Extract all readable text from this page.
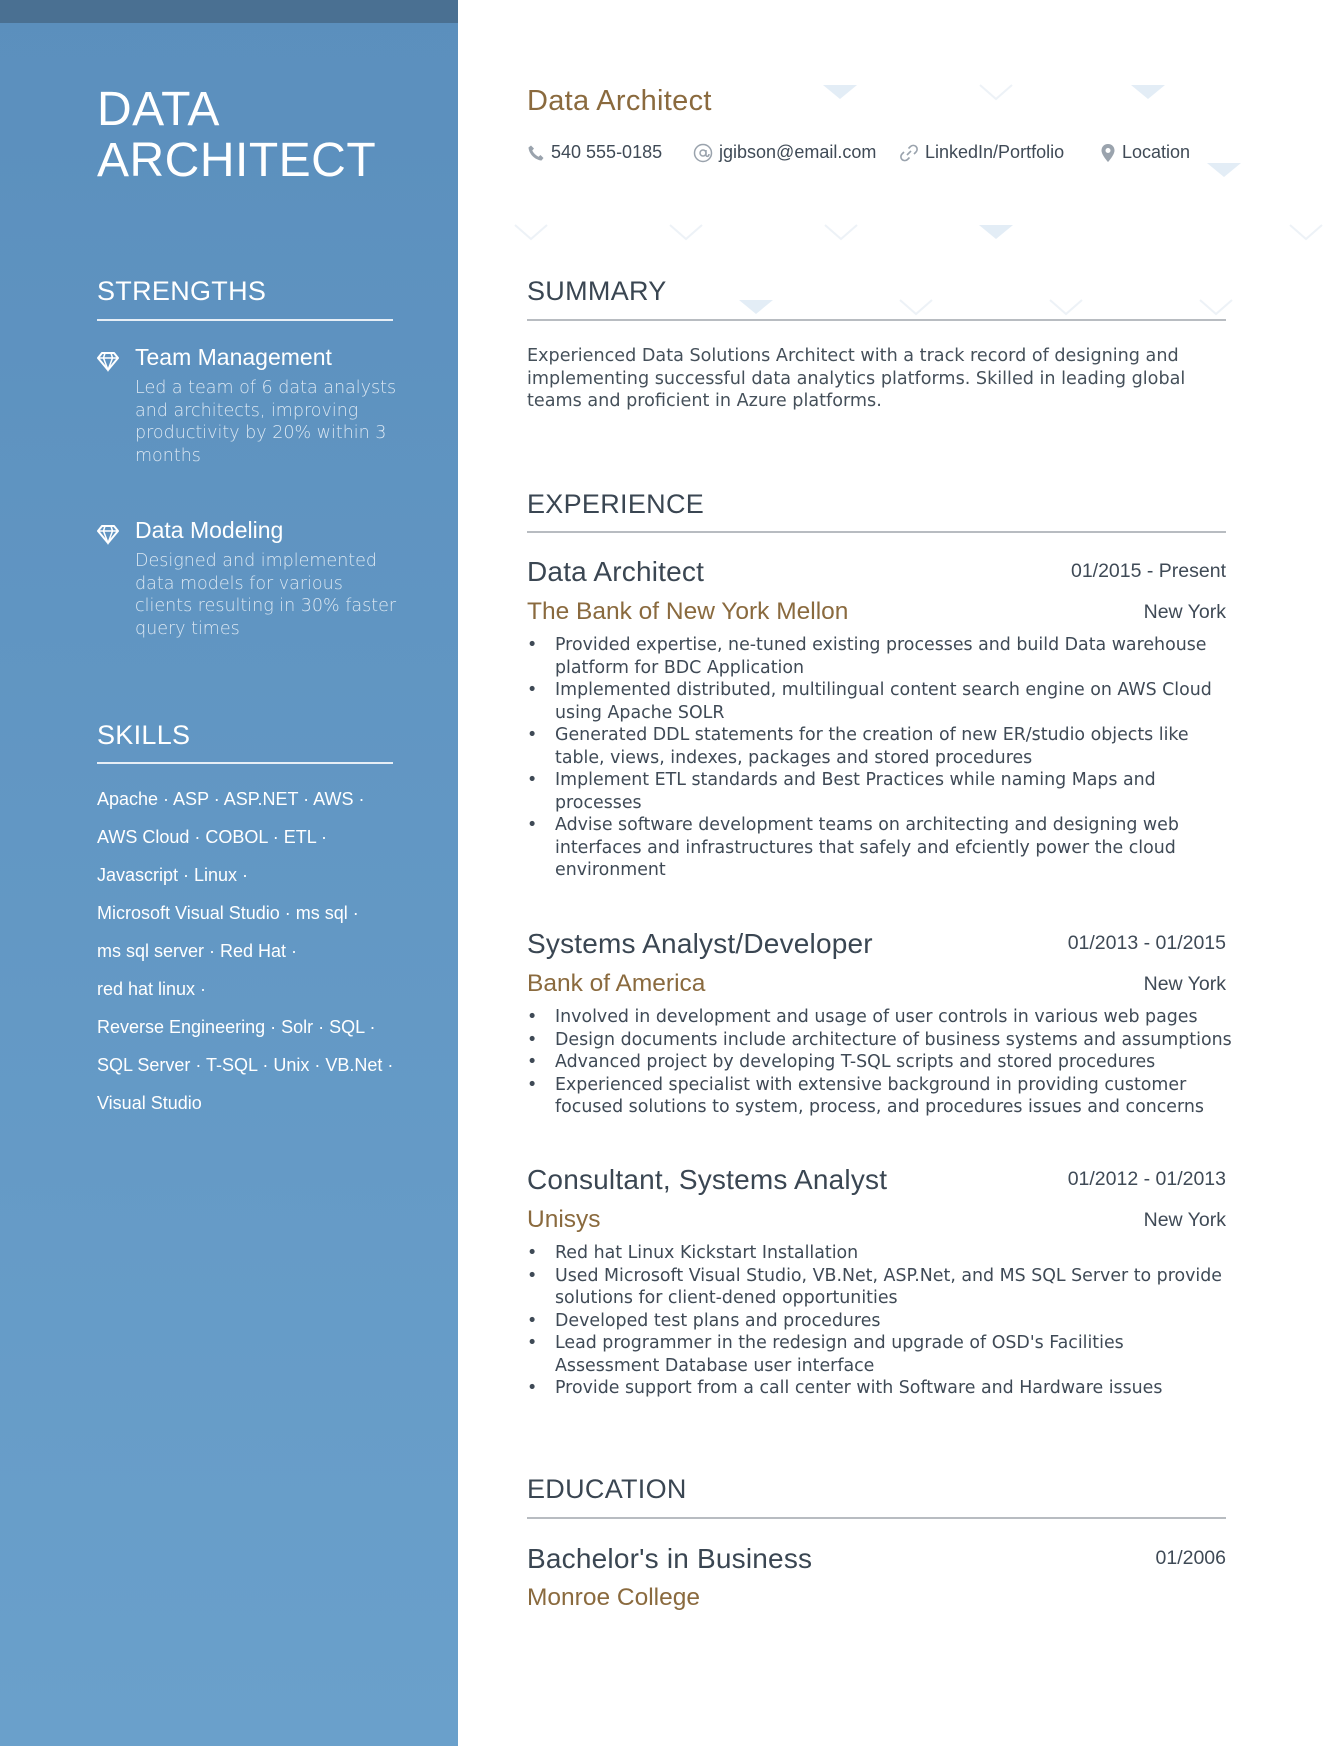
DATA
ARCHITECT
STRENGTHS
Team Management
Led a team of 6 data analysts and architects, improving productivity by 20% within 3 months
Data Modeling
Designed and implemented data models for various clients resulting in 30% faster query times
SKILLS
Apache · ASP · ASP.NET · AWS ·
AWS Cloud · COBOL · ETL ·
Javascript · Linux ·
Microsoft Visual Studio · ms sql ·
ms sql server · Red Hat ·
red hat linux ·
Reverse Engineering · Solr · SQL ·
SQL Server · T-SQL · Unix · VB.Net ·
Visual Studio
Data Architect
540 555-0185	jgibson@email.com	LinkedIn/Portfolio	Location
SUMMARY
Experienced Data Solutions Architect with a track record of designing and implementing successful data analytics platforms. Skilled in leading global teams and proficient in Azure platforms.
EXPERIENCE
Data Architect	01/2015 - Present
The Bank of New York Mellon	New York
• Provided expertise, ne-tuned existing processes and build Data warehouse platform for BDC Application
• Implemented distributed, multilingual content search engine on AWS Cloud using Apache SOLR
• Generated DDL statements for the creation of new ER/studio objects like table, views, indexes, packages and stored procedures
• Implement ETL standards and Best Practices while naming Maps and processes
• Advise software development teams on architecting and designing web interfaces and infrastructures that safely and efciently power the cloud environment
Systems Analyst/Developer	01/2013 - 01/2015
Bank of America	New York
• Involved in development and usage of user controls in various web pages
• Design documents include architecture of business systems and assumptions
• Advanced project by developing T-SQL scripts and stored procedures
• Experienced specialist with extensive background in providing customer focused solutions to system, process, and procedures issues and concerns
Consultant, Systems Analyst	01/2012 - 01/2013
Unisys	New York
• Red hat Linux Kickstart Installation
• Used Microsoft Visual Studio, VB.Net, ASP.Net, and MS SQL Server to provide solutions for client-dened opportunities
• Developed test plans and procedures
• Lead programmer in the redesign and upgrade of OSD's Facilities Assessment Database user interface
• Provide support from a call center with Software and Hardware issues
EDUCATION
Bachelor's in Business	01/2006
Monroe College
